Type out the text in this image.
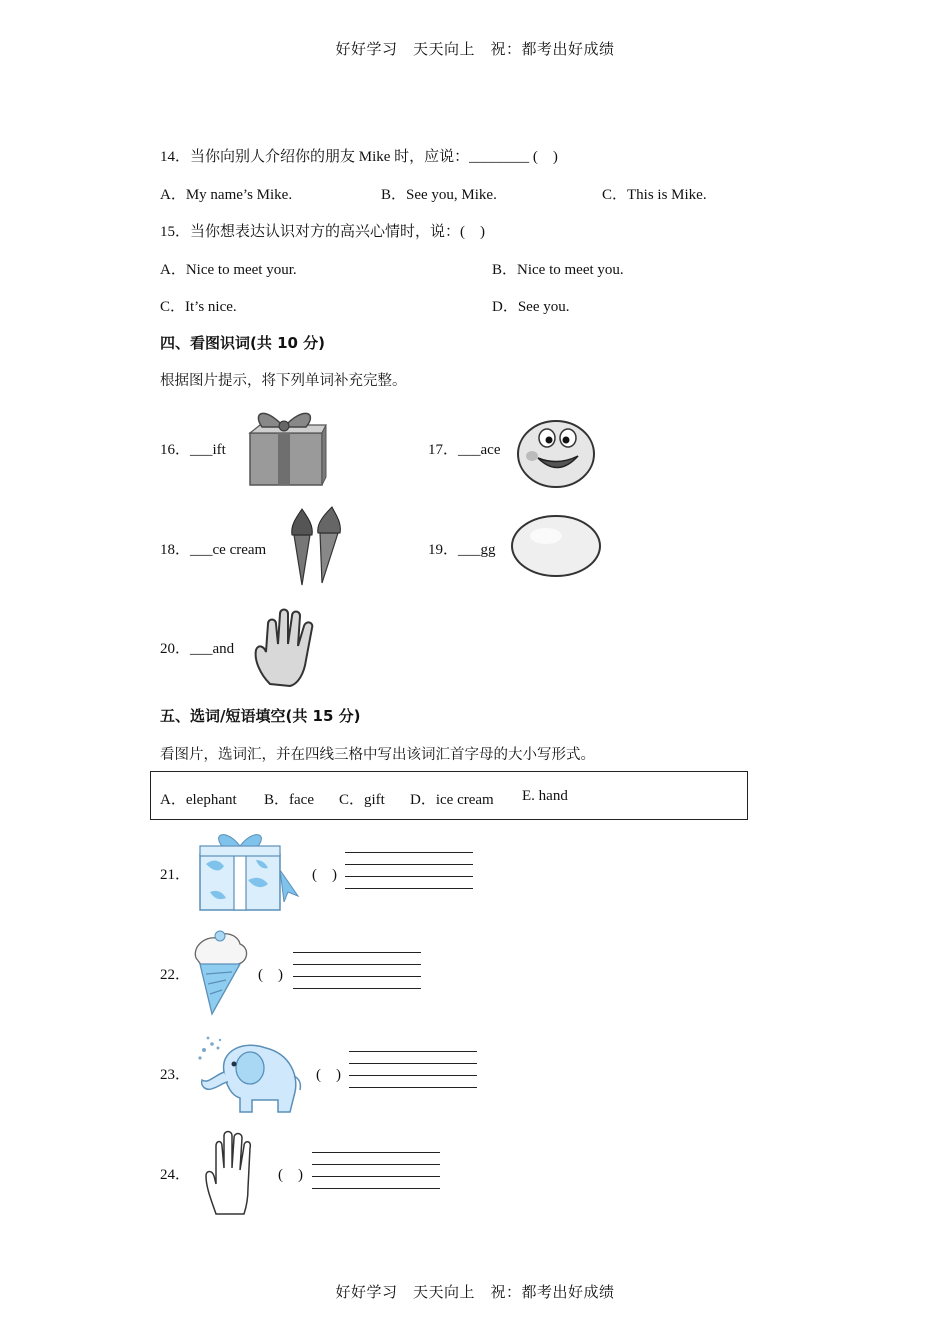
好好学习　天天向上　祝：都考出好成绩
14．当你向别人介绍你的朋友 Mike 时，应说：________ (　)
A．My name’s Mike.	B．See you, Mike.	C．This is Mike.
15．当你想表达认识对方的高兴心情时，说：(　)
A．Nice to meet your.	B．Nice to meet you.
C．It’s nice.	D．See you.
四、看图识词(共 10 分)
根据图片提示，将下列单词补充完整。
16．___ift	17．___ace
18．___ce cream	19．___gg
20．___and
五、选词/短语填空(共 15 分)
看图片，选词汇，并在四线三格中写出该词汇首字母的大小写形式。
A．elephant B．face C．gift D．ice cream E. hand
21．	(　)
22．	(　)
23．	(　)
24．	(　)
好好学习　天天向上　祝：都考出好成绩
